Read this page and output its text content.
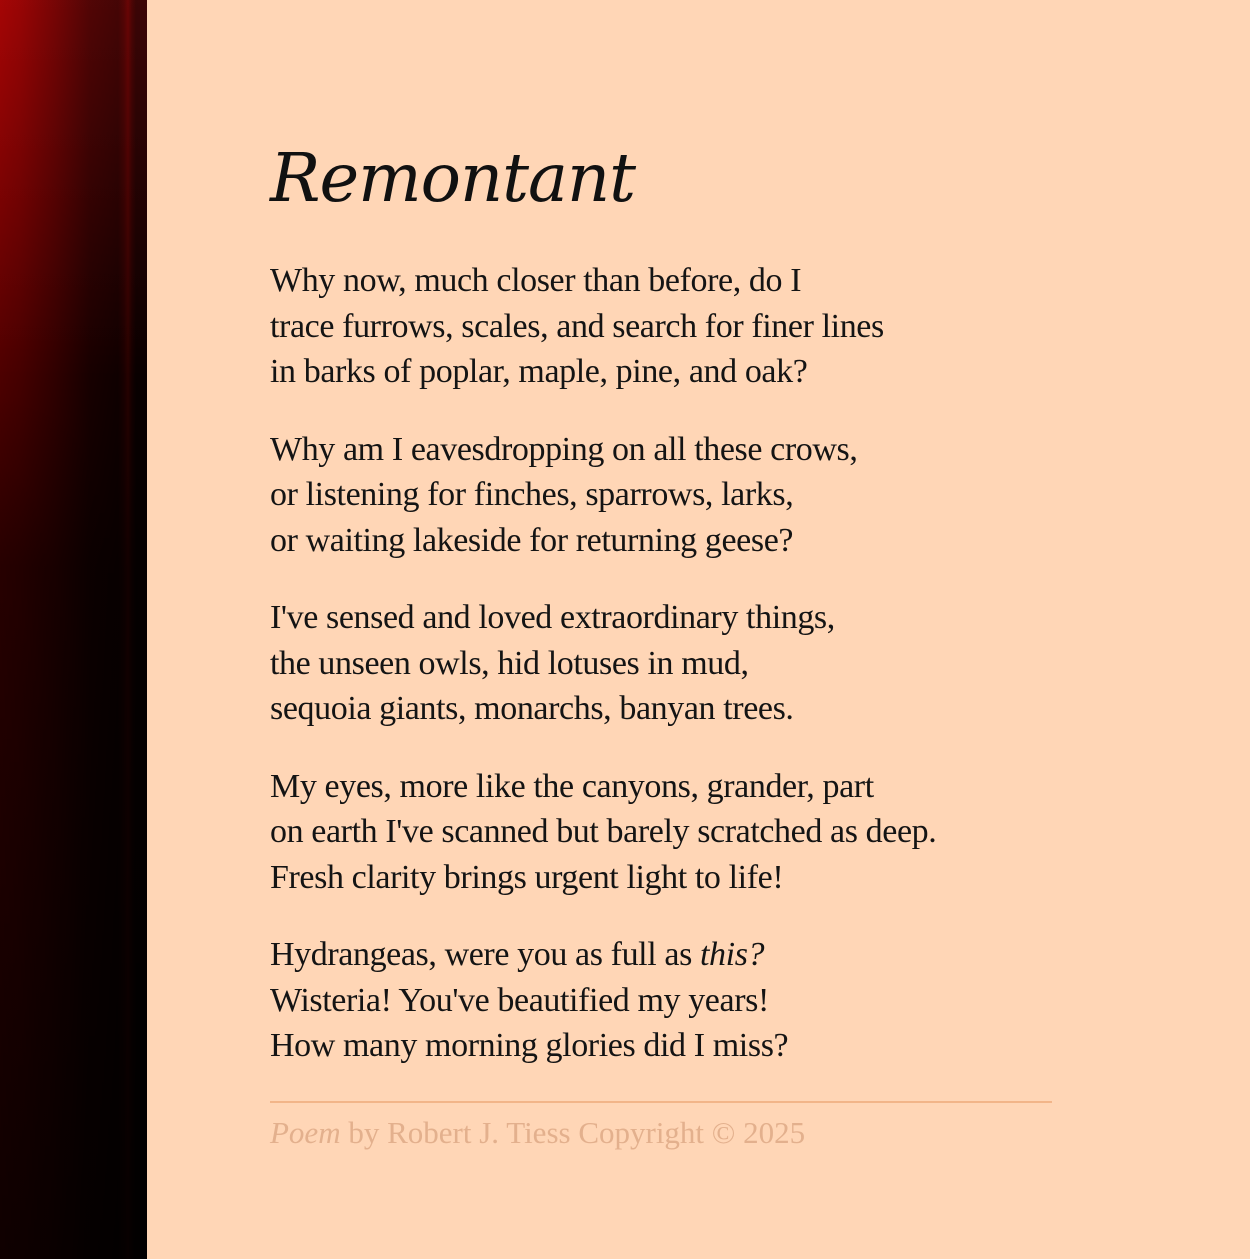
Remontant
Why now, much closer than before, do I
trace furrows, scales, and search for finer lines
in barks of poplar, maple, pine, and oak?
Why am I eavesdropping on all these crows,
or listening for finches, sparrows, larks,
or waiting lakeside for returning geese?
I've sensed and loved extraordinary things,
the unseen owls, hid lotuses in mud,
sequoia giants, monarchs, banyan trees.
My eyes, more like the canyons, grander, part
on earth I've scanned but barely scratched as deep.
Fresh clarity brings urgent light to life!
Hydrangeas, were you as full as this?
Wisteria! You've beautified my years!
How many morning glories did I miss?
Poem by Robert J. Tiess Copyright © 2025
